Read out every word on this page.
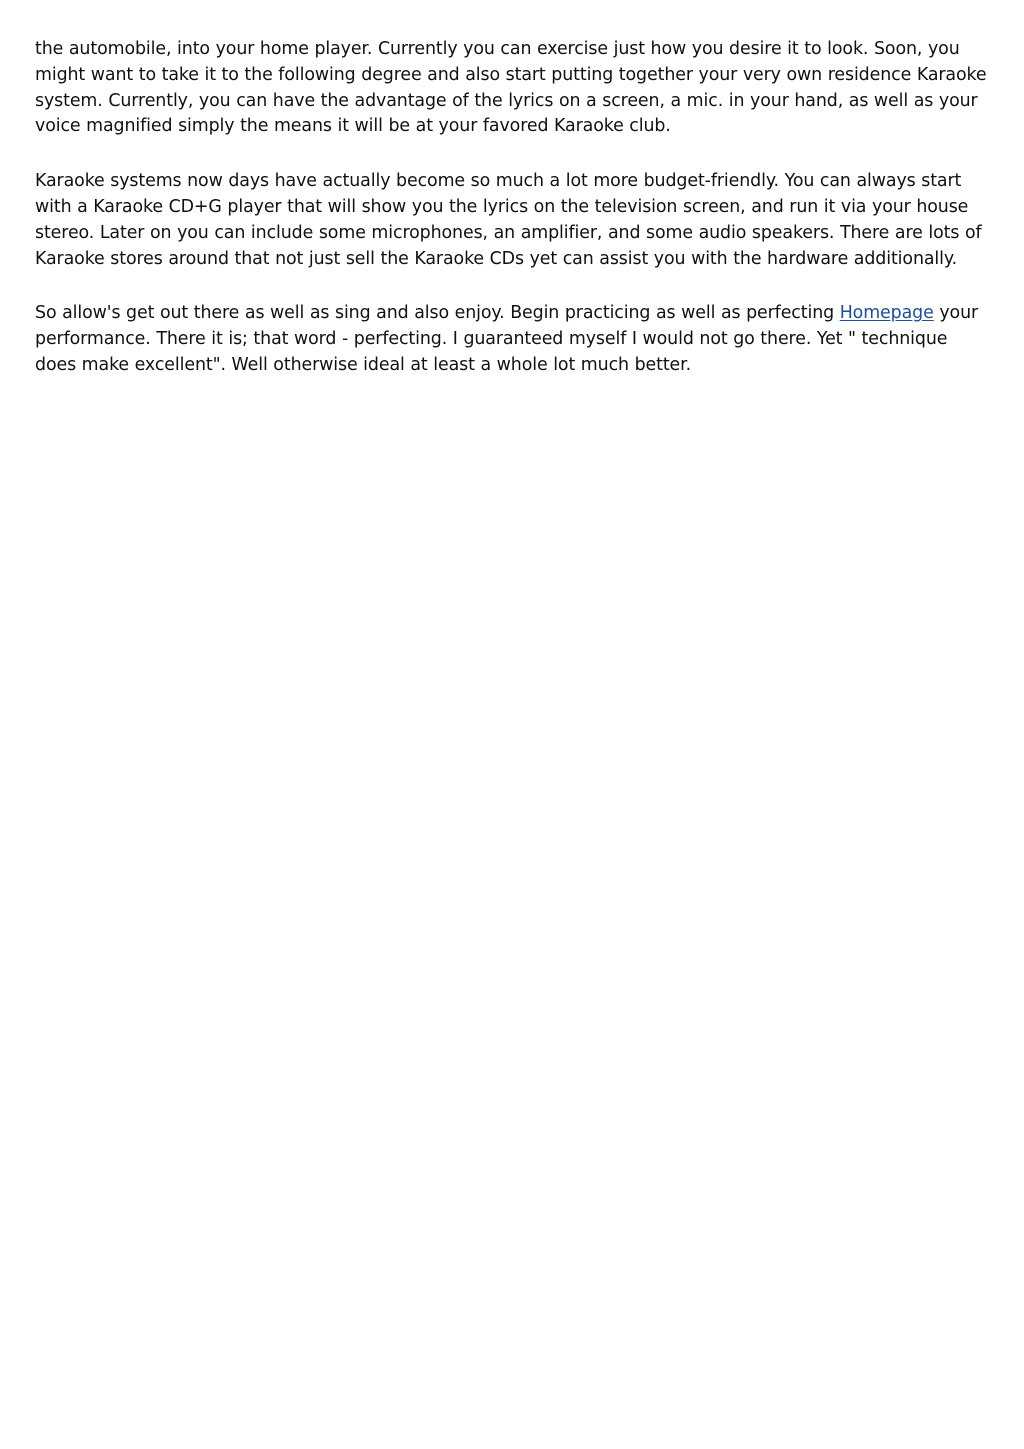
the automobile, into your home player. Currently you can exercise just how you desire it to look. Soon, you might want to take it to the following degree and also start putting together your very own residence Karaoke system. Currently, you can have the advantage of the lyrics on a screen, a mic. in your hand, as well as your voice magnified simply the means it will be at your favored Karaoke club.

Karaoke systems now days have actually become so much a lot more budget-friendly. You can always start with a Karaoke CD+G player that will show you the lyrics on the television screen, and run it via your house stereo. Later on you can include some microphones, an amplifier, and some audio speakers. There are lots of Karaoke stores around that not just sell the Karaoke CDs yet can assist you with the hardware additionally.

So allow's get out there as well as sing and also enjoy. Begin practicing as well as perfecting Homepage your performance. There it is; that word - perfecting. I guaranteed myself I would not go there. Yet " technique does make excellent". Well otherwise ideal at least a whole lot much better.
